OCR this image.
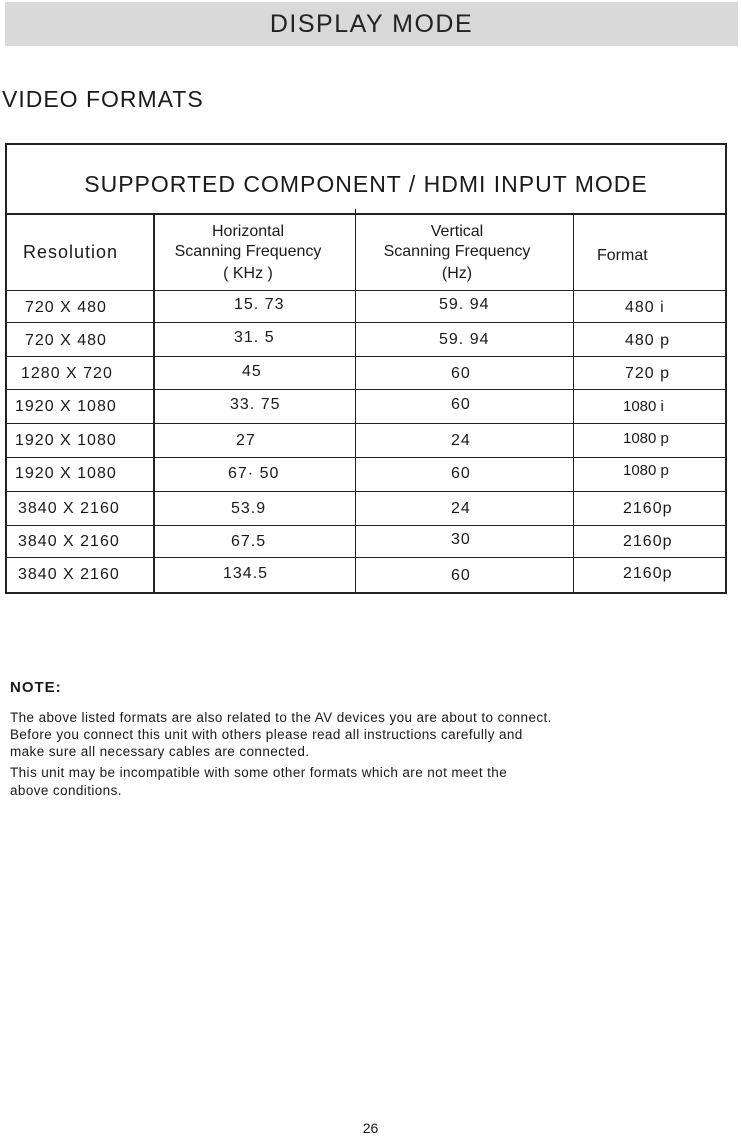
DISPLAY MODE
VIDEO FORMATS
SUPPORTED COMPONENT / HDMI INPUT MODE
Resolution
Horizontal
Scanning Frequency
( KHz )
Vertical
Scanning Frequency
(Hz)
Format
720 X 480	15. 73	59. 94	480 i
720 X 480	31. 5	59. 94	480 p
1280 X 720	45	60	720 p
1920 X 1080	33. 75	60	1080 i
1920 X 1080	27	24	1080 p
1920 X 1080	67· 50	60	1080 p
3840 X 2160	53.9	24	2160p
3840 X 2160	67.5	30	2160p
3840 X 2160	134.5	60	2160p
NOTE:
The above listed formats are also related to the AV devices you are about to connect.
Before you connect this unit with others please read all instructions carefully and
make sure all necessary cables are connected.
This unit may be incompatible with some other formats which are not meet the
above conditions.
26
